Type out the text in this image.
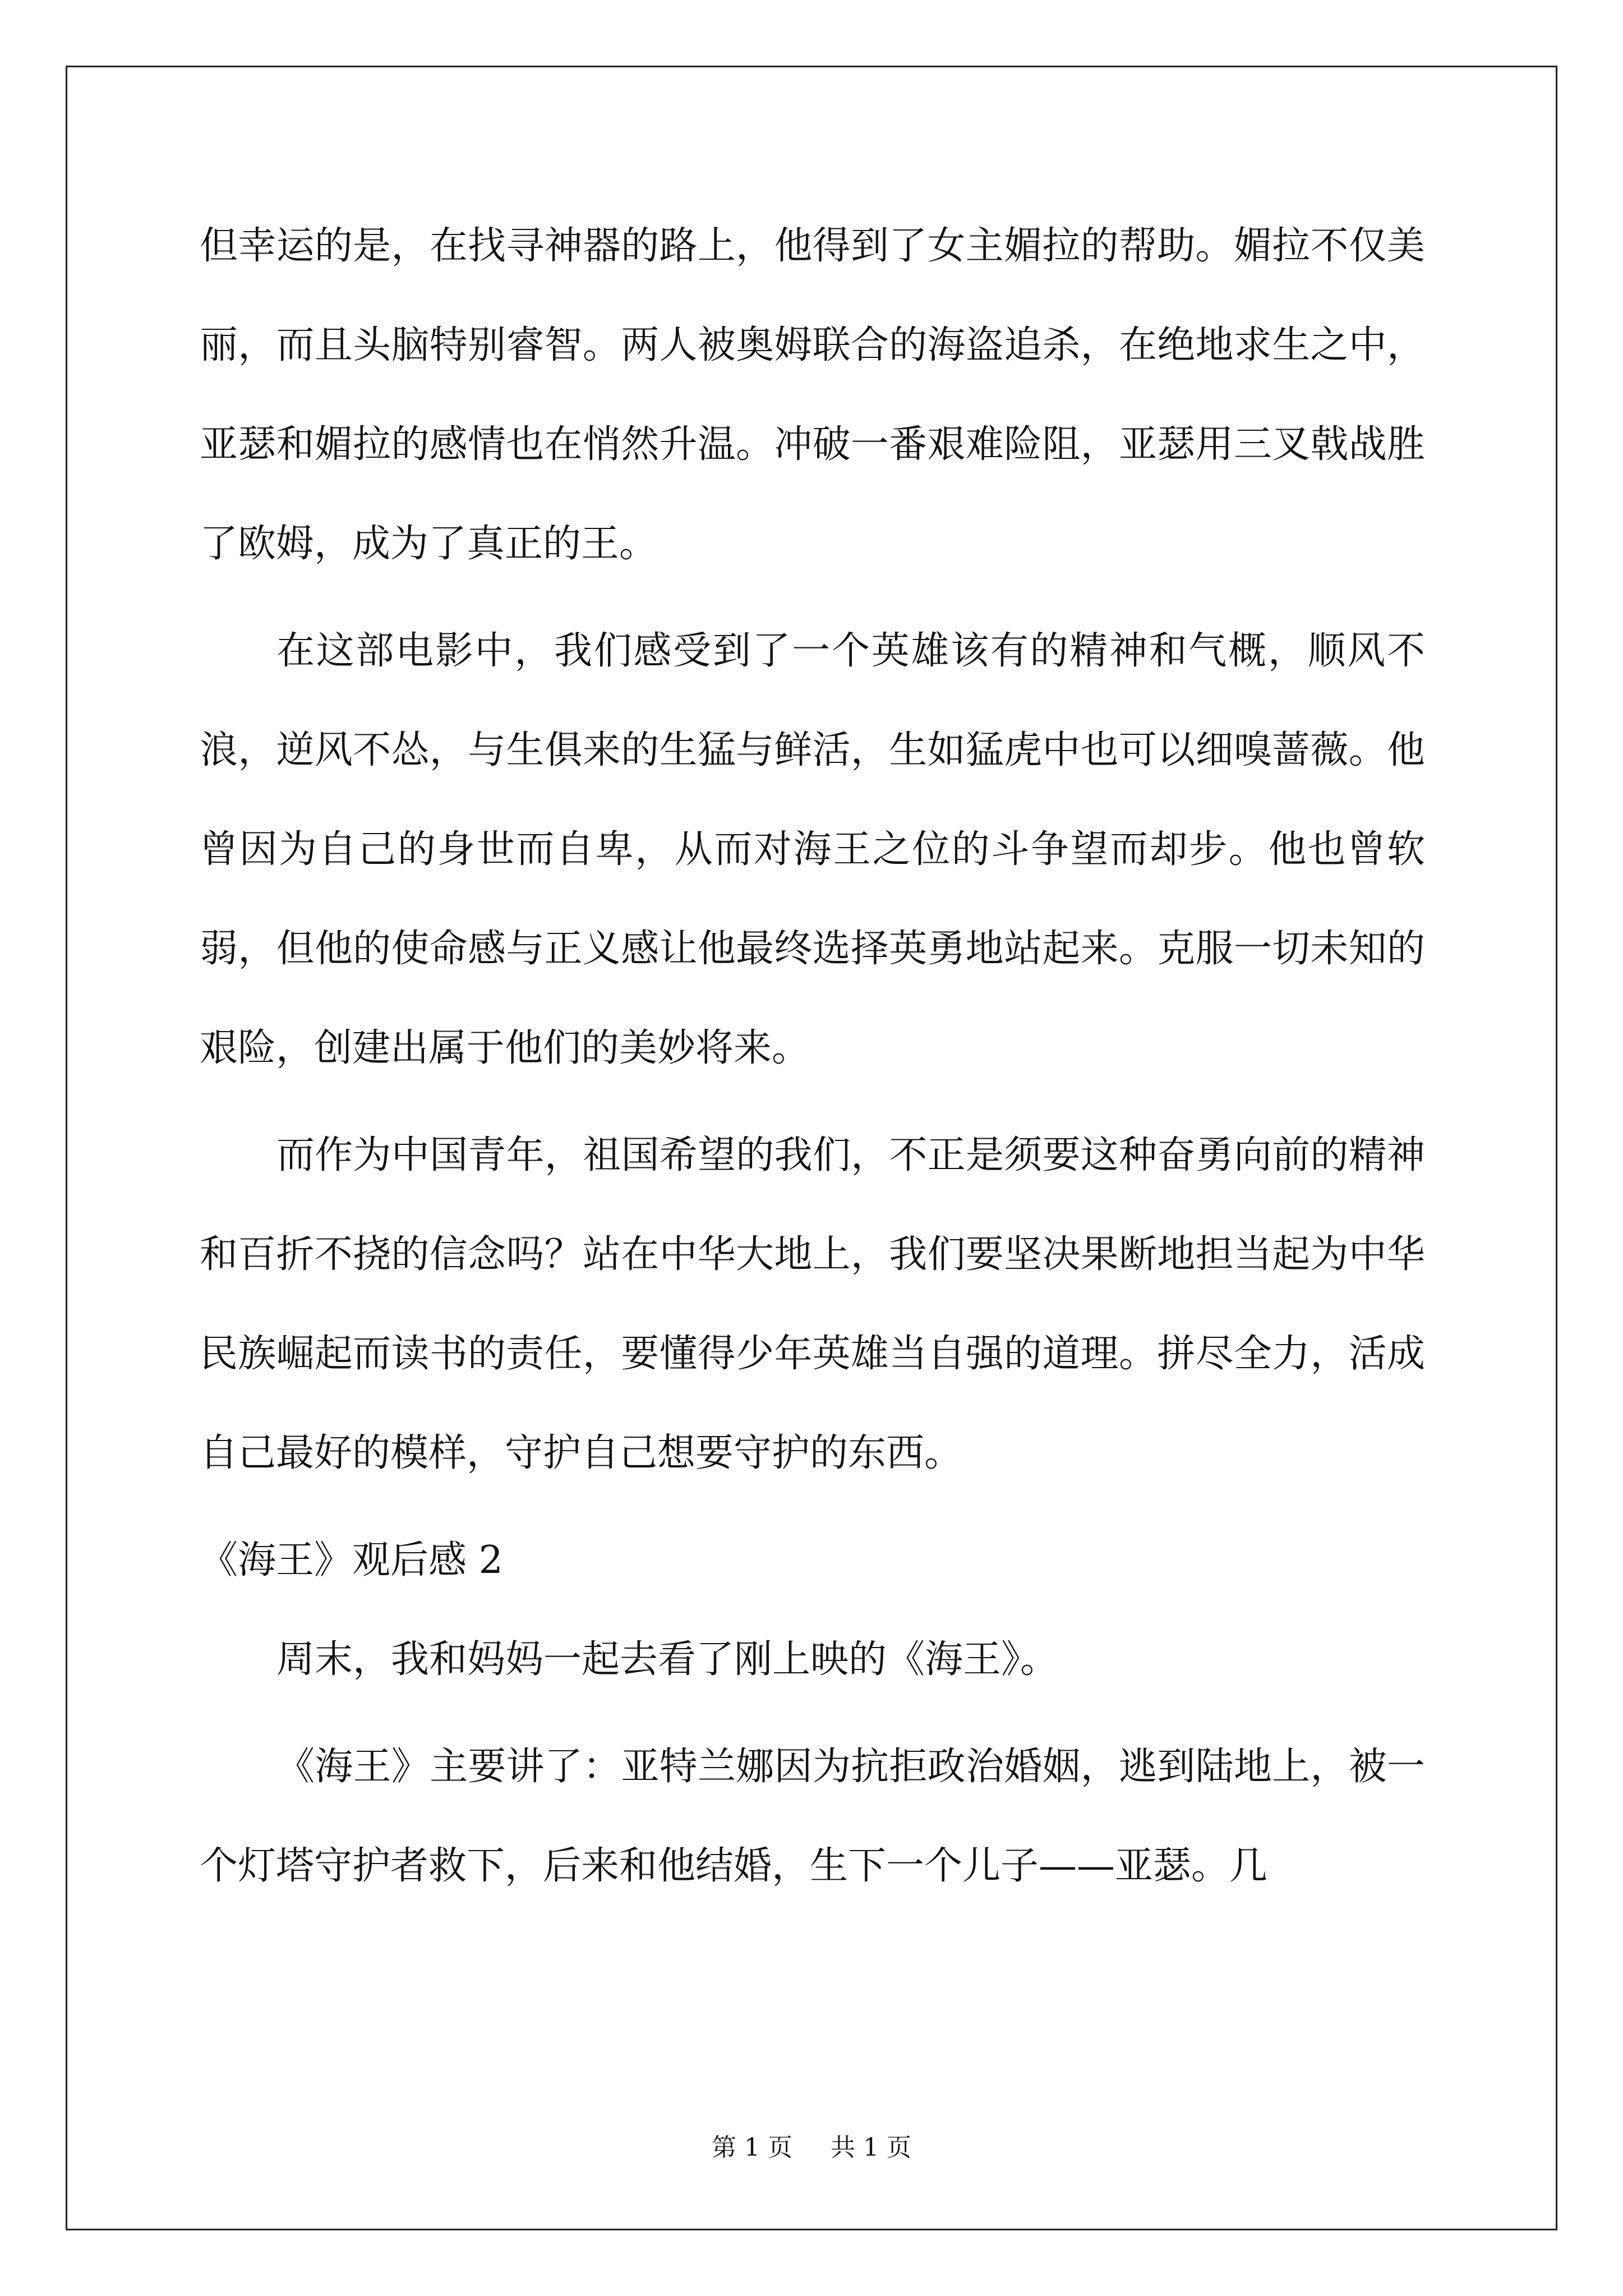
但幸运的是，在找寻神器的路上，他得到了女主媚拉的帮助。媚拉不仅美丽，而且头脑特别睿智。两人被奥姆联合的海盗追杀，在绝地求生之中，亚瑟和媚拉的感情也在悄然升温。冲破一番艰难险阻，亚瑟用三叉戟战胜了欧姆，成为了真正的王。

在这部电影中，我们感受到了一个英雄该有的精神和气概，顺风不浪，逆风不怂，与生俱来的生猛与鲜活，生如猛虎中也可以细嗅蔷薇。他曾因为自己的身世而自卑，从而对海王之位的斗争望而却步。他也曾软弱，但他的使命感与正义感让他最终选择英勇地站起来。克服一切未知的艰险，创建出属于他们的美妙将来。

而作为中国青年，祖国希望的我们，不正是须要这种奋勇向前的精神和百折不挠的信念吗？站在中华大地上，我们要坚决果断地担当起为中华民族崛起而读书的责任，要懂得少年英雄当自强的道理。拼尽全力，活成自己最好的模样，守护自己想要守护的东西。

《海王》观后感 2

周末，我和妈妈一起去看了刚上映的《海王》。

《海王》主要讲了：亚特兰娜因为抗拒政治婚姻，逃到陆地上，被一个灯塔守护者救下，后来和他结婚，生下一个儿子——亚瑟。几

第 1 页 共 1 页
